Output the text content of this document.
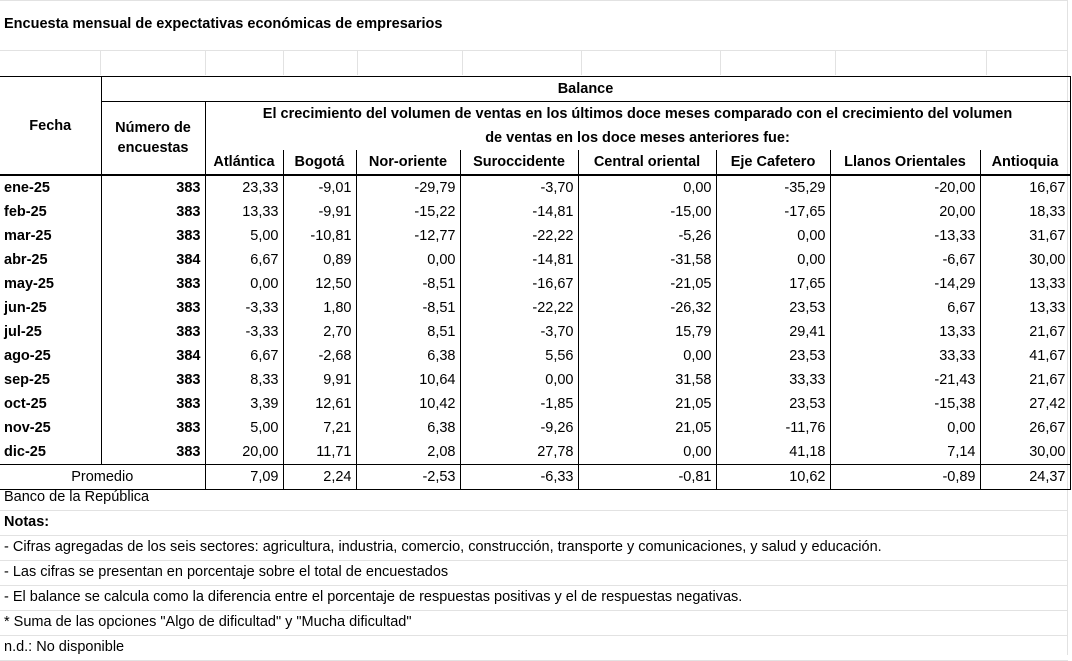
Encuesta mensual de expectativas económicas de empresarios
Fecha	Balance								
	Número de encuestas	El crecimiento del volumen de ventas en los últimos doce meses comparado con el crecimiento del volumen							
		de ventas en los doce meses anteriores fue:							
		Atlántica	Bogotá	Nor-oriente	Suroccidente	Central oriental	Eje Cafetero	Llanos Orientales	Antioquia
ene-25	383	23,33	-9,01	-29,79	-3,70	0,00	-35,29	-20,00	16,67
feb-25	383	13,33	-9,91	-15,22	-14,81	-15,00	-17,65	20,00	18,33
mar-25	383	5,00	-10,81	-12,77	-22,22	-5,26	0,00	-13,33	31,67
abr-25	384	6,67	0,89	0,00	-14,81	-31,58	0,00	-6,67	30,00
may-25	383	0,00	12,50	-8,51	-16,67	-21,05	17,65	-14,29	13,33
jun-25	383	-3,33	1,80	-8,51	-22,22	-26,32	23,53	6,67	13,33
jul-25	383	-3,33	2,70	8,51	-3,70	15,79	29,41	13,33	21,67
ago-25	384	6,67	-2,68	6,38	5,56	0,00	23,53	33,33	41,67
sep-25	383	8,33	9,91	10,64	0,00	31,58	33,33	-21,43	21,67
oct-25	383	3,39	12,61	10,42	-1,85	21,05	23,53	-15,38	27,42
nov-25	383	5,00	7,21	6,38	-9,26	21,05	-11,76	0,00	26,67
dic-25	383	20,00	11,71	2,08	27,78	0,00	41,18	7,14	30,00
Promedio		7,09	2,24	-2,53	-6,33	-0,81	10,62	-0,89	24,37
Banco de la República
Notas:
- Cifras agregadas de los seis sectores: agricultura, industria, comercio, construcción, transporte y comunicaciones, y salud y educación.
- Las cifras se presentan en porcentaje sobre el total de encuestados
- El balance se calcula como la diferencia entre el porcentaje de respuestas positivas y el de respuestas negativas.
* Suma de las opciones "Algo de dificultad" y "Mucha dificultad"
n.d.: No disponible
